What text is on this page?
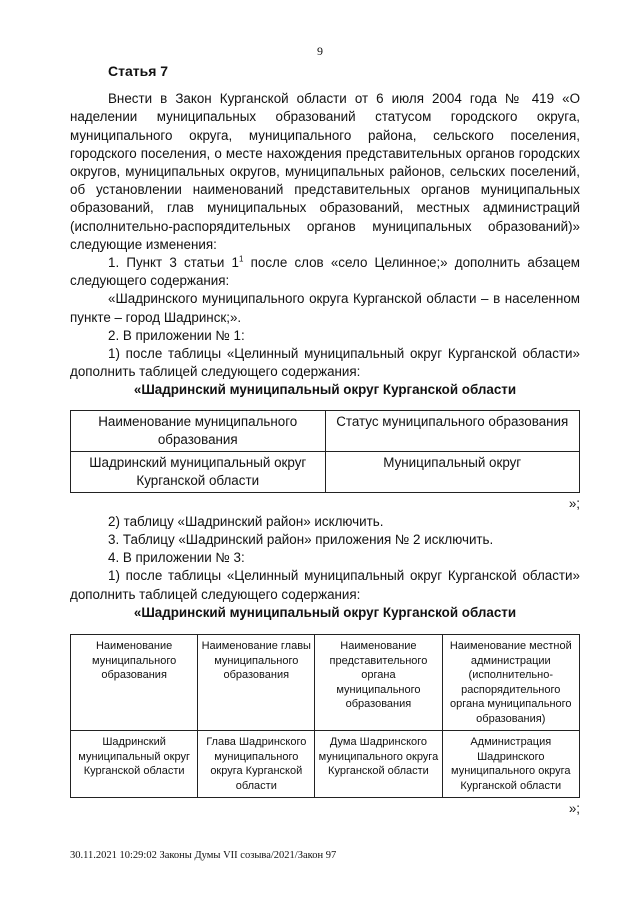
9
Статья 7

Внести в Закон Курганской области от 6 июля 2004 года № 419 «О наделении муниципальных образований статусом городского округа, муниципального округа, муниципального района, сельского поселения, городского поселения, о месте нахождения представительных органов городских округов, муниципальных округов, муниципальных районов, сельских поселений, об установлении наименований представительных органов муниципальных образований, глав муниципальных образований, местных администраций (исполнительно-распорядительных органов муниципальных образований)» следующие изменения:

1. Пункт 3 статьи $1^1$ после слов «село Целинное;» дополнить абзацем следующего содержания:

«Шадринского муниципального округа Курганской области – в населенном пункте – город Шадринск;».

2. В приложении № 1:

1) после таблицы «Целинный муниципальный округ Курганской области» дополнить таблицей следующего содержания:

«Шадринский муниципальный округ Курганской области

Наименование муниципального образования	Статус муниципального образования
Шадринский муниципальный округ Курганской области	Муниципальный округ
»;

2) таблицу «Шадринский район» исключить.

3. Таблицу «Шадринский район» приложения № 2 исключить.

4. В приложении № 3:

1) после таблицы «Целинный муниципальный округ Курганской области» дополнить таблицей следующего содержания:

«Шадринский муниципальный округ Курганской области

Наименование муниципального образования	Наименование главы муниципального образования	Наименование представительного органа муниципального образования	Наименование местной администрации (исполнительно-распорядительного органа муниципального образования)
Шадринский муниципальный округ Курганской области	Глава Шадринского муниципального округа Курганской области	Дума Шадринского муниципального округа Курганской области	Администрация Шадринского муниципального округа Курганской области
»;
30.11.2021 10:29:02 Законы Думы VII созыва/2021/Закон 97
